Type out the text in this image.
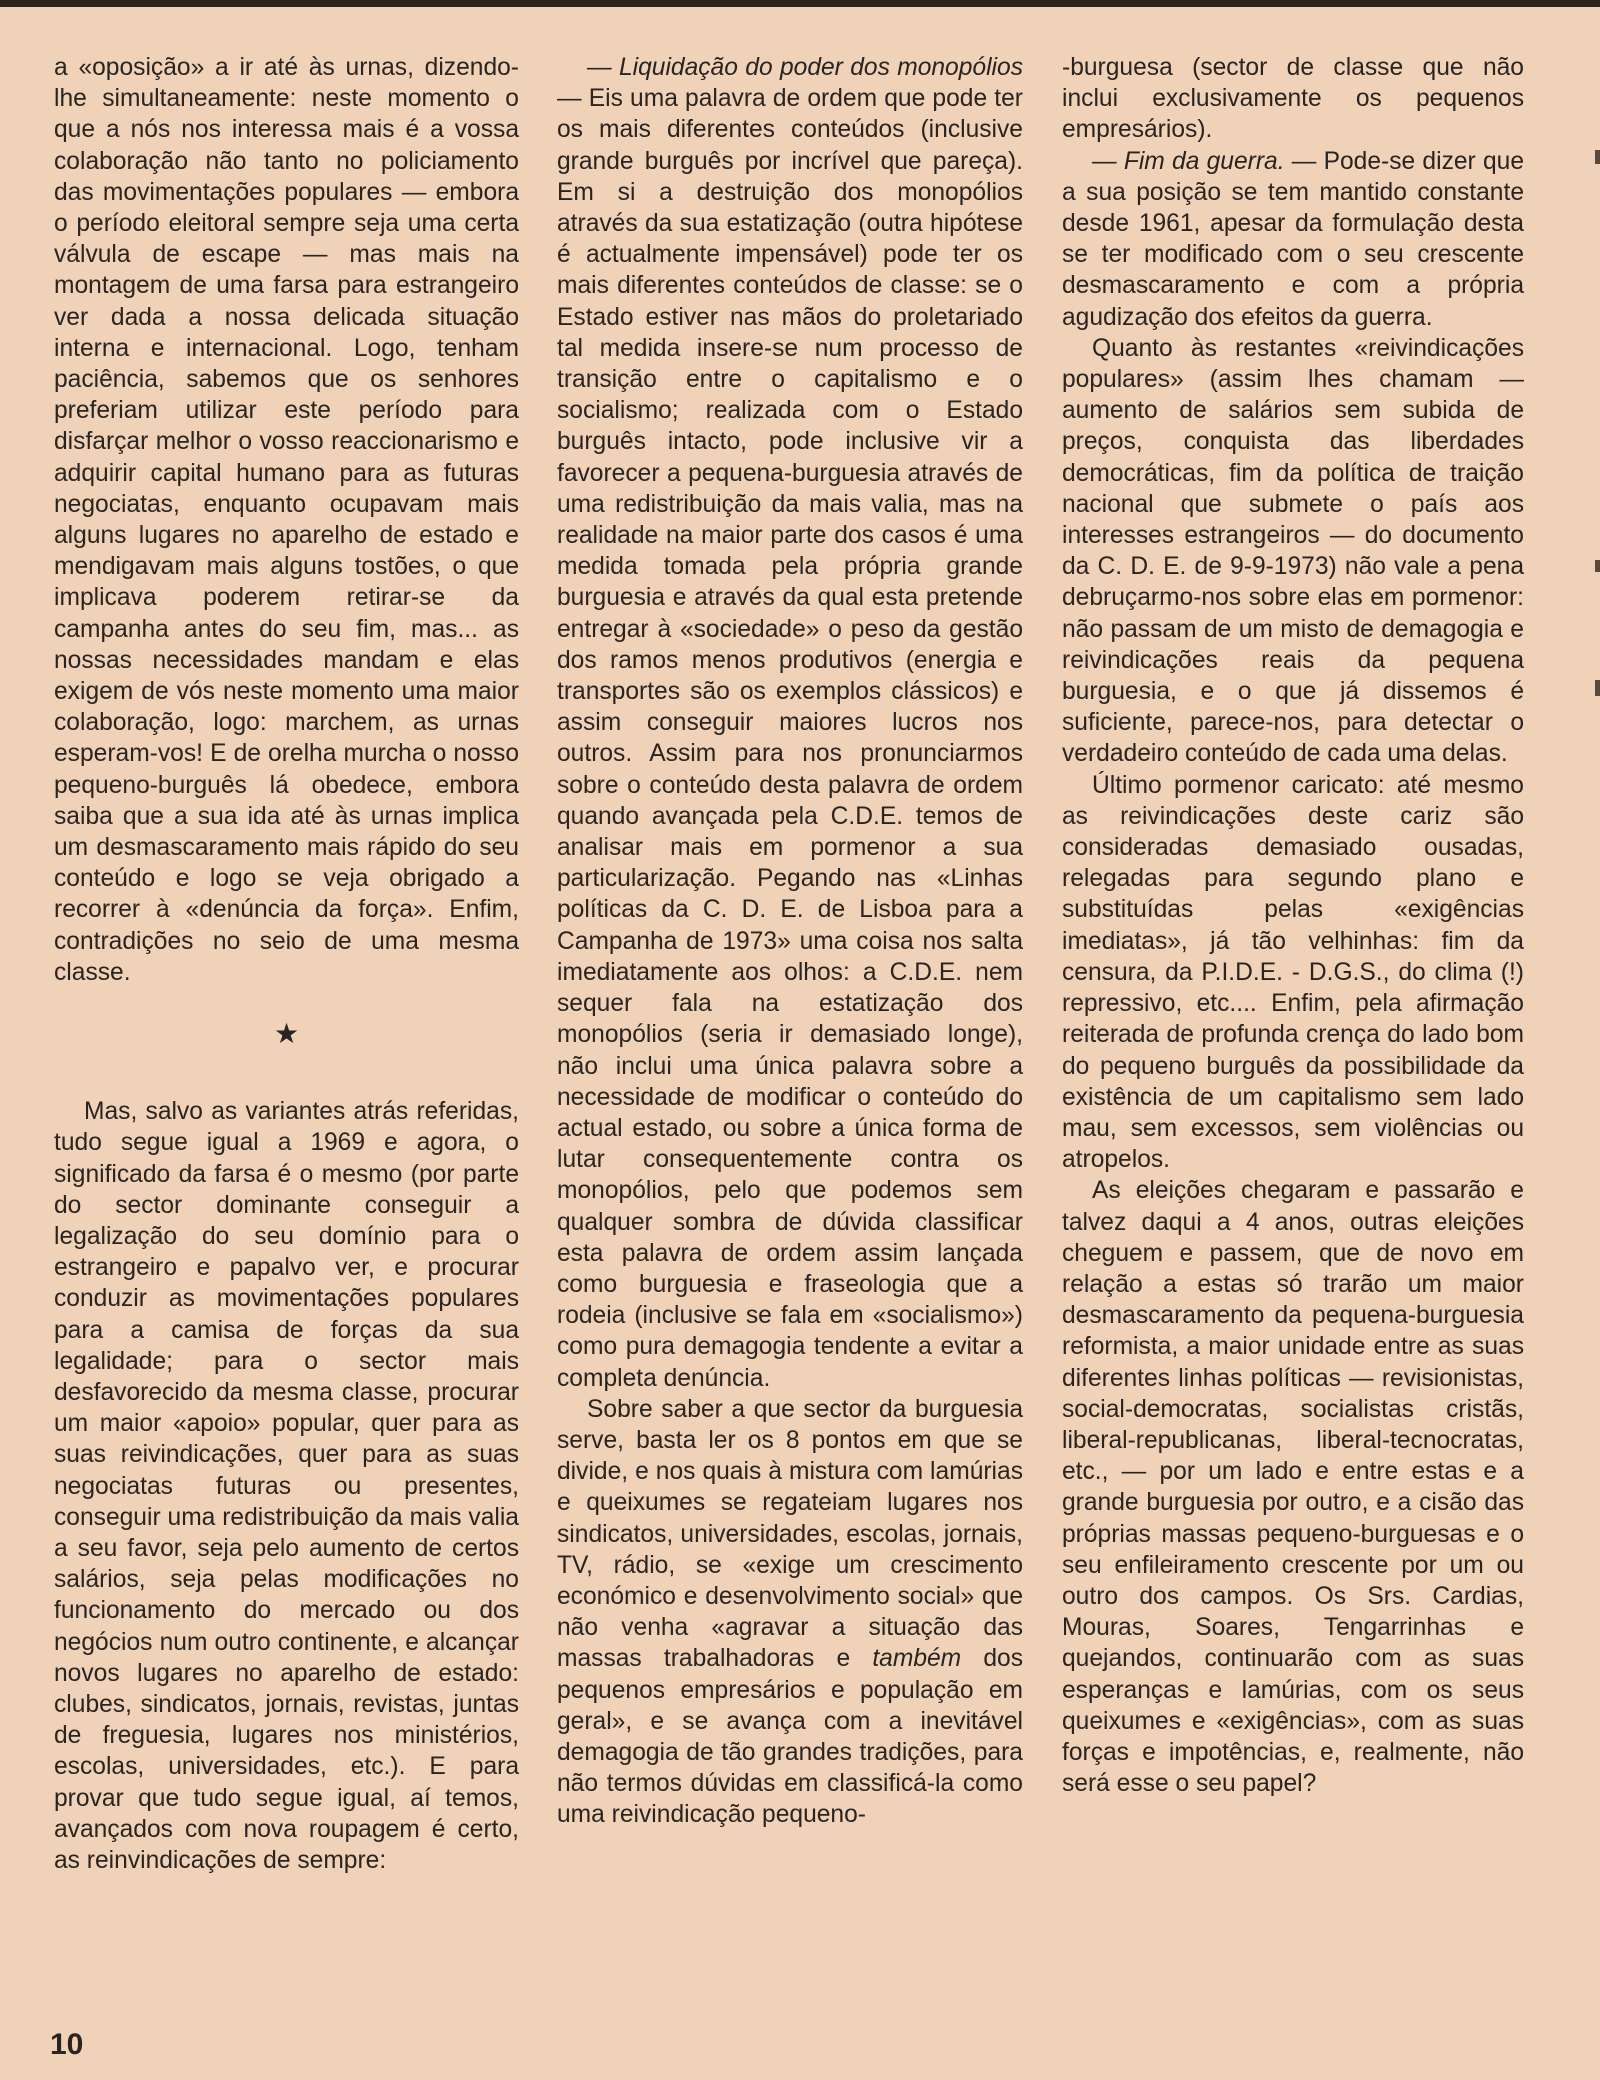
a «oposição» a ir até às urnas, dizendo-lhe simultaneamente: neste momento o que a nós nos interessa mais é a vossa colaboração não tanto no policiamento das movimentações populares — embora o período eleitoral sempre seja uma certa válvula de escape — mas mais na montagem de uma farsa para estrangeiro ver dada a nossa delicada situação interna e internacional. Logo, tenham paciência, sabemos que os senhores preferiam utilizar este período para disfarçar melhor o vosso reaccionarismo e adquirir capital humano para as futuras negociatas, enquanto ocupavam mais alguns lugares no aparelho de estado e mendigavam mais alguns tostões, o que implicava poderem retirar-se da campanha antes do seu fim, mas... as nossas necessidades mandam e elas exigem de vós neste momento uma maior colaboração, logo: marchem, as urnas esperam-vos! E de orelha murcha o nosso pequeno-burguês lá obedece, embora saiba que a sua ida até às urnas implica um desmascaramento mais rápido do seu conteúdo e logo se veja obrigado a recorrer à «denúncia da força». Enfim, contradições no seio de uma mesma classe.

★

Mas, salvo as variantes atrás referidas, tudo segue igual a 1969 e agora, o significado da farsa é o mesmo (por parte do sector dominante conseguir a legalização do seu domínio para o estrangeiro e papalvo ver, e procurar conduzir as movimentações populares para a camisa de forças da sua legalidade; para o sector mais desfavorecido da mesma classe, procurar um maior «apoio» popular, quer para as suas reivindicações, quer para as suas negociatas futuras ou presentes, conseguir uma redistribuição da mais valia a seu favor, seja pelo aumento de certos salários, seja pelas modificações no funcionamento do mercado ou dos negócios num outro continente, e alcançar novos lugares no aparelho de estado: clubes, sindicatos, jornais, revistas, juntas de freguesia, lugares nos ministérios, escolas, universidades, etc.). E para provar que tudo segue igual, aí temos, avançados com nova roupagem é certo, as reinvindicações de sempre:

— Liquidação do poder dos monopólios — Eis uma palavra de ordem que pode ter os mais diferentes conteúdos (inclusive grande burguês por incrível que pareça). Em si a destruição dos monopólios através da sua estatização (outra hipótese é actualmente impensável) pode ter os mais diferentes conteúdos de classe: se o Estado estiver nas mãos do proletariado tal medida insere-se num processo de transição entre o capitalismo e o socialismo; realizada com o Estado burguês intacto, pode inclusive vir a favorecer a pequena-burguesia através de uma redistribuição da mais valia, mas na realidade na maior parte dos casos é uma medida tomada pela própria grande burguesia e através da qual esta pretende entregar à «sociedade» o peso da gestão dos ramos menos produtivos (energia e transportes são os exemplos clássicos) e assim conseguir maiores lucros nos outros. Assim para nos pronunciarmos sobre o conteúdo desta palavra de ordem quando avançada pela C.D.E. temos de analisar mais em pormenor a sua particularização. Pegando nas «Linhas políticas da C. D. E. de Lisboa para a Campanha de 1973» uma coisa nos salta imediatamente aos olhos: a C.D.E. nem sequer fala na estatização dos monopólios (seria ir demasiado longe), não inclui uma única palavra sobre a necessidade de modificar o conteúdo do actual estado, ou sobre a única forma de lutar consequentemente contra os monopólios, pelo que podemos sem qualquer sombra de dúvida classificar esta palavra de ordem assim lançada como burguesia e fraseologia que a rodeia (inclusive se fala em «socialismo») como pura demagogia tendente a evitar a completa denúncia.

Sobre saber a que sector da burguesia serve, basta ler os 8 pontos em que se divide, e nos quais à mistura com lamúrias e queixumes se regateiam lugares nos sindicatos, universidades, escolas, jornais, TV, rádio, se «exige um crescimento económico e desenvolvimento social» que não venha «agravar a situação das massas trabalhadoras e também dos pequenos empresários e população em geral», e se avança com a inevitável demagogia de tão grandes tradições, para não termos dúvidas em classificá-la como uma reivindicação pequeno-

-burguesa (sector de classe que não inclui exclusivamente os pequenos empresários).

— Fim da guerra. — Pode-se dizer que a sua posição se tem mantido constante desde 1961, apesar da formulação desta se ter modificado com o seu crescente desmascaramento e com a própria agudização dos efeitos da guerra.

Quanto às restantes «reivindicações populares» (assim lhes chamam — aumento de salários sem subida de preços, conquista das liberdades democráticas, fim da política de traição nacional que submete o país aos interesses estrangeiros — do documento da C. D. E. de 9-9-1973) não vale a pena debruçarmo-nos sobre elas em pormenor: não passam de um misto de demagogia e reivindicações reais da pequena burguesia, e o que já dissemos é suficiente, parece-nos, para detectar o verdadeiro conteúdo de cada uma delas.

Último pormenor caricato: até mesmo as reivindicações deste cariz são consideradas demasiado ousadas, relegadas para segundo plano e substituídas pelas «exigências imediatas», já tão velhinhas: fim da censura, da P.I.D.E. - D.G.S., do clima (!) repressivo, etc.... Enfim, pela afirmação reiterada de profunda crença do lado bom do pequeno burguês da possibilidade da existência de um capitalismo sem lado mau, sem excessos, sem violências ou atropelos.

As eleições chegaram e passarão e talvez daqui a 4 anos, outras eleições cheguem e passem, que de novo em relação a estas só trarão um maior desmascaramento da pequena-burguesia reformista, a maior unidade entre as suas diferentes linhas políticas — revisionistas, social-democratas, socialistas cristãs, liberal-republicanas, liberal-tecnocratas, etc., — por um lado e entre estas e a grande burguesia por outro, e a cisão das próprias massas pequeno-burguesas e o seu enfileiramento crescente por um ou outro dos campos. Os Srs. Cardias, Mouras, Soares, Tengarrinhas e quejandos, continuarão com as suas esperanças e lamúrias, com os seus queixumes e «exigências», com as suas forças e impotências, e, realmente, não será esse o seu papel?

10
